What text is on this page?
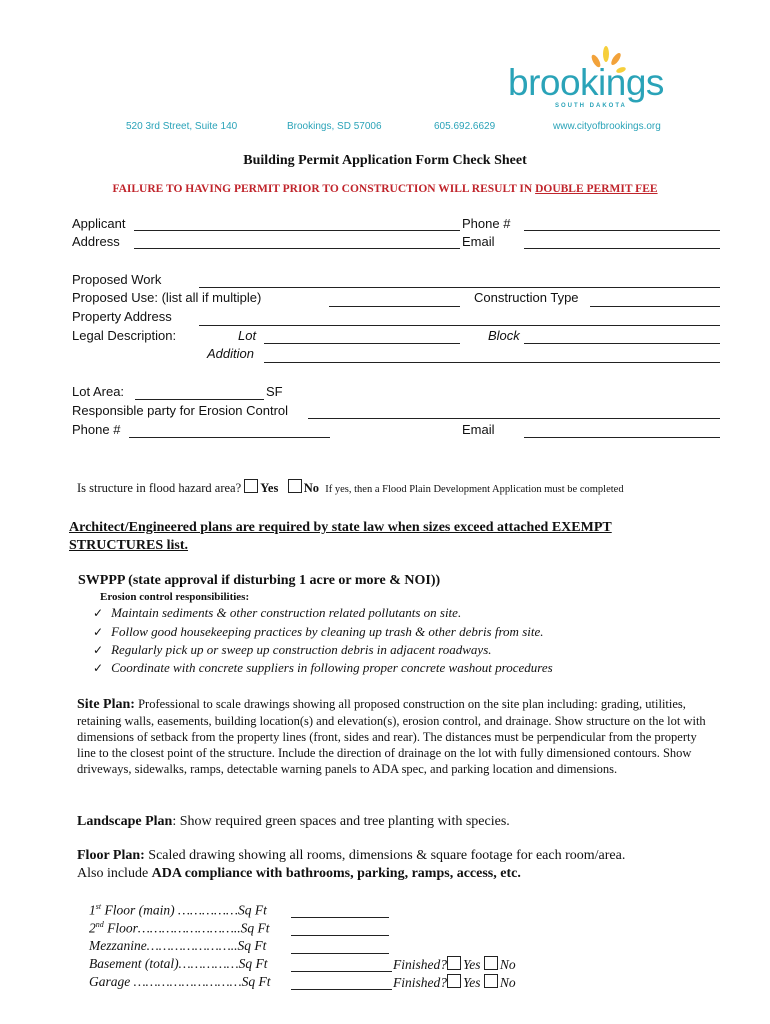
brookings
SOUTH DAKOTA
520 3rd Street, Suite 140	Brookings, SD 57006	605.692.6629	www.cityofbrookings.org
Building Permit Application Form Check Sheet
FAILURE TO HAVING PERMIT PRIOR TO CONSTRUCTION WILL RESULT IN DOUBLE PERMIT FEE
Applicant	Phone #
Address	Email
Proposed Work
Proposed Use: (list all if multiple)	Construction Type
Property Address
Legal Description:	Lot	Block
Addition
Lot Area:	SF
Responsible party for Erosion Control
Phone #	Email
Is structure in flood hazard area? Yes No If yes, then a Flood Plain Development Application must be completed
Architect/Engineered plans are required by state law when sizes exceed attached EXEMPT
STRUCTURES list.
SWPPP (state approval if disturbing 1 acre or more & NOI))
Erosion control responsibilities:
✓ Maintain sediments & other construction related pollutants on site.
✓ Follow good housekeeping practices by cleaning up trash & other debris from site.
✓ Regularly pick up or sweep up construction debris in adjacent roadways.
✓ Coordinate with concrete suppliers in following proper concrete washout procedures
Site Plan: Professional to scale drawings showing all proposed construction on the site plan including: grading, utilities, retaining walls, easements, building location(s) and elevation(s), erosion control, and drainage. Show structure on the lot with dimensions of setback from the property lines (front, sides and rear). The distances must be perpendicular from the property line to the closest point of the structure. Include the direction of drainage on the lot with fully dimensioned contours. Show driveways, sidewalks, ramps, detectable warning panels to ADA spec, and parking location and dimensions.
Landscape Plan: Show required green spaces and tree planting with species.
Floor Plan: Scaled drawing showing all rooms, dimensions & square footage for each room/area.
Also include ADA compliance with bathrooms, parking, ramps, access, etc.
1st Floor (main) ……………Sq Ft
2nd Floor……………………..Sq Ft
Mezzanine…………………..Sq Ft
Basement (total)……………Sq Ft	Finished? Yes No
Garage ………………………Sq Ft	Finished? Yes No
